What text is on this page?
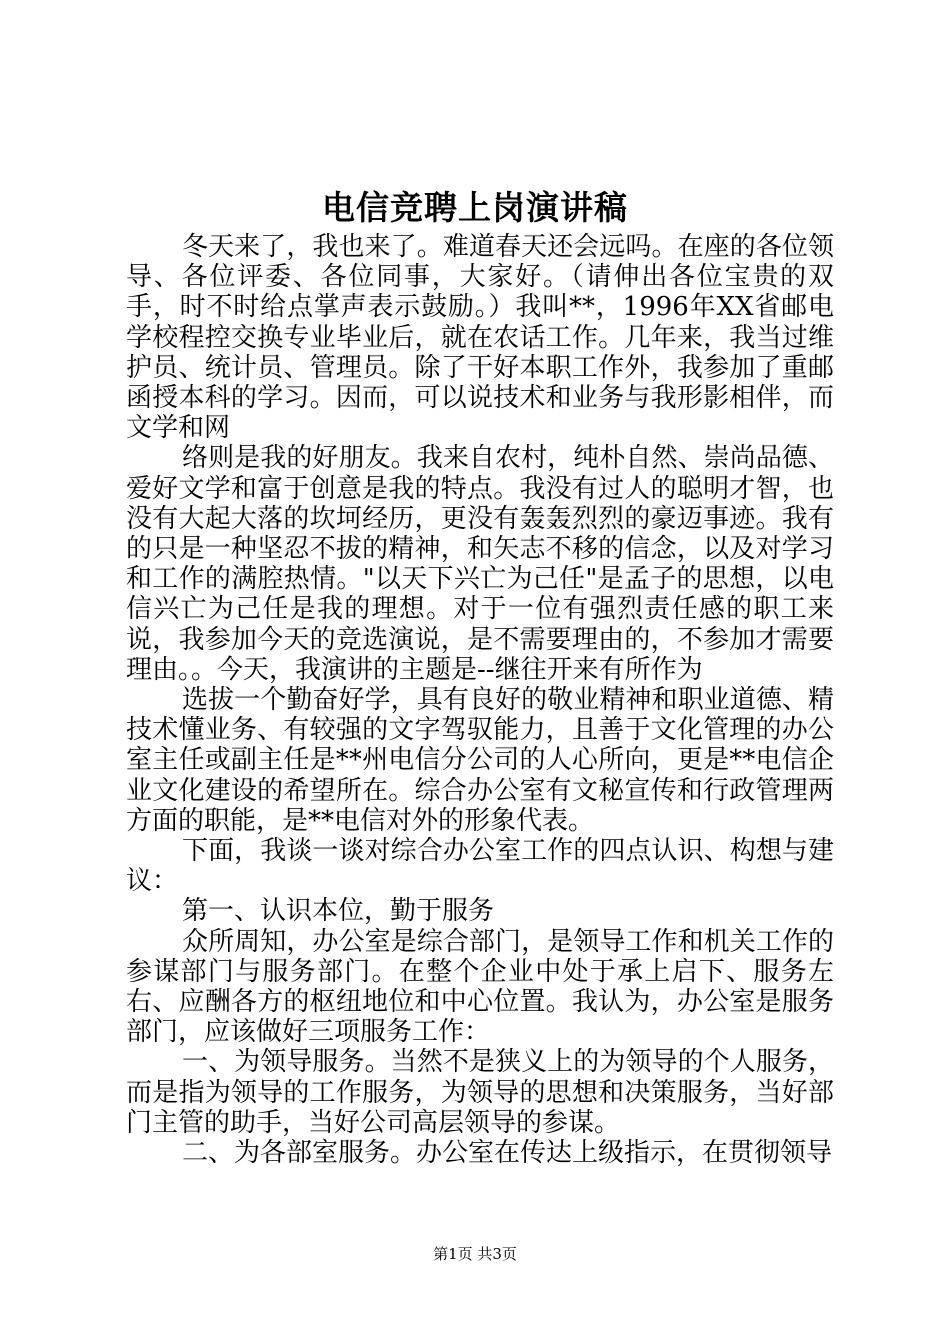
电信竞聘上岗演讲稿

冬天来了，我也来了。难道春天还会远吗。在座的各位领导、各位评委、各位同事，大家好。（请伸出各位宝贵的双手，时不时给点掌声表示鼓励。）我叫**，1996年XX省邮电学校程控交换专业毕业后，就在农话工作。几年来，我当过维护员、统计员、管理员。除了干好本职工作外，我参加了重邮函授本科的学习。因而，可以说技术和业务与我形影相伴，而文学和网

络则是我的好朋友。我来自农村，纯朴自然、崇尚品德、爱好文学和富于创意是我的特点。我没有过人的聪明才智，也没有大起大落的坎坷经历，更没有轰轰烈烈的豪迈事迹。我有的只是一种坚忍不拔的精神，和矢志不移的信念，以及对学习和工作的满腔热情。"以天下兴亡为己任"是孟子的思想，以电信兴亡为己任是我的理想。对于一位有强烈责任感的职工来说，我参加今天的竞选演说，是不需要理由的，不参加才需要理由。。今天，我演讲的主题是--继往开来有所作为

选拔一个勤奋好学，具有良好的敬业精神和职业道德、精技术懂业务、有较强的文字驾驭能力，且善于文化管理的办公室主任或副主任是**州电信分公司的人心所向，更是**电信企业文化建设的希望所在。综合办公室有文秘宣传和行政管理两方面的职能，是**电信对外的形象代表。

下面，我谈一谈对综合办公室工作的四点认识、构想与建议：

第一、认识本位，勤于服务

众所周知，办公室是综合部门，是领导工作和机关工作的参谋部门与服务部门。在整个企业中处于承上启下、服务左右、应酬各方的枢纽地位和中心位置。我认为，办公室是服务部门，应该做好三项服务工作：

一、为领导服务。当然不是狭义上的为领导的个人服务，而是指为领导的工作服务，为领导的思想和决策服务，当好部门主管的助手，当好公司高层领导的参谋。

二、为各部室服务。办公室在传达上级指示，在贯彻领导

第1页 共3页
